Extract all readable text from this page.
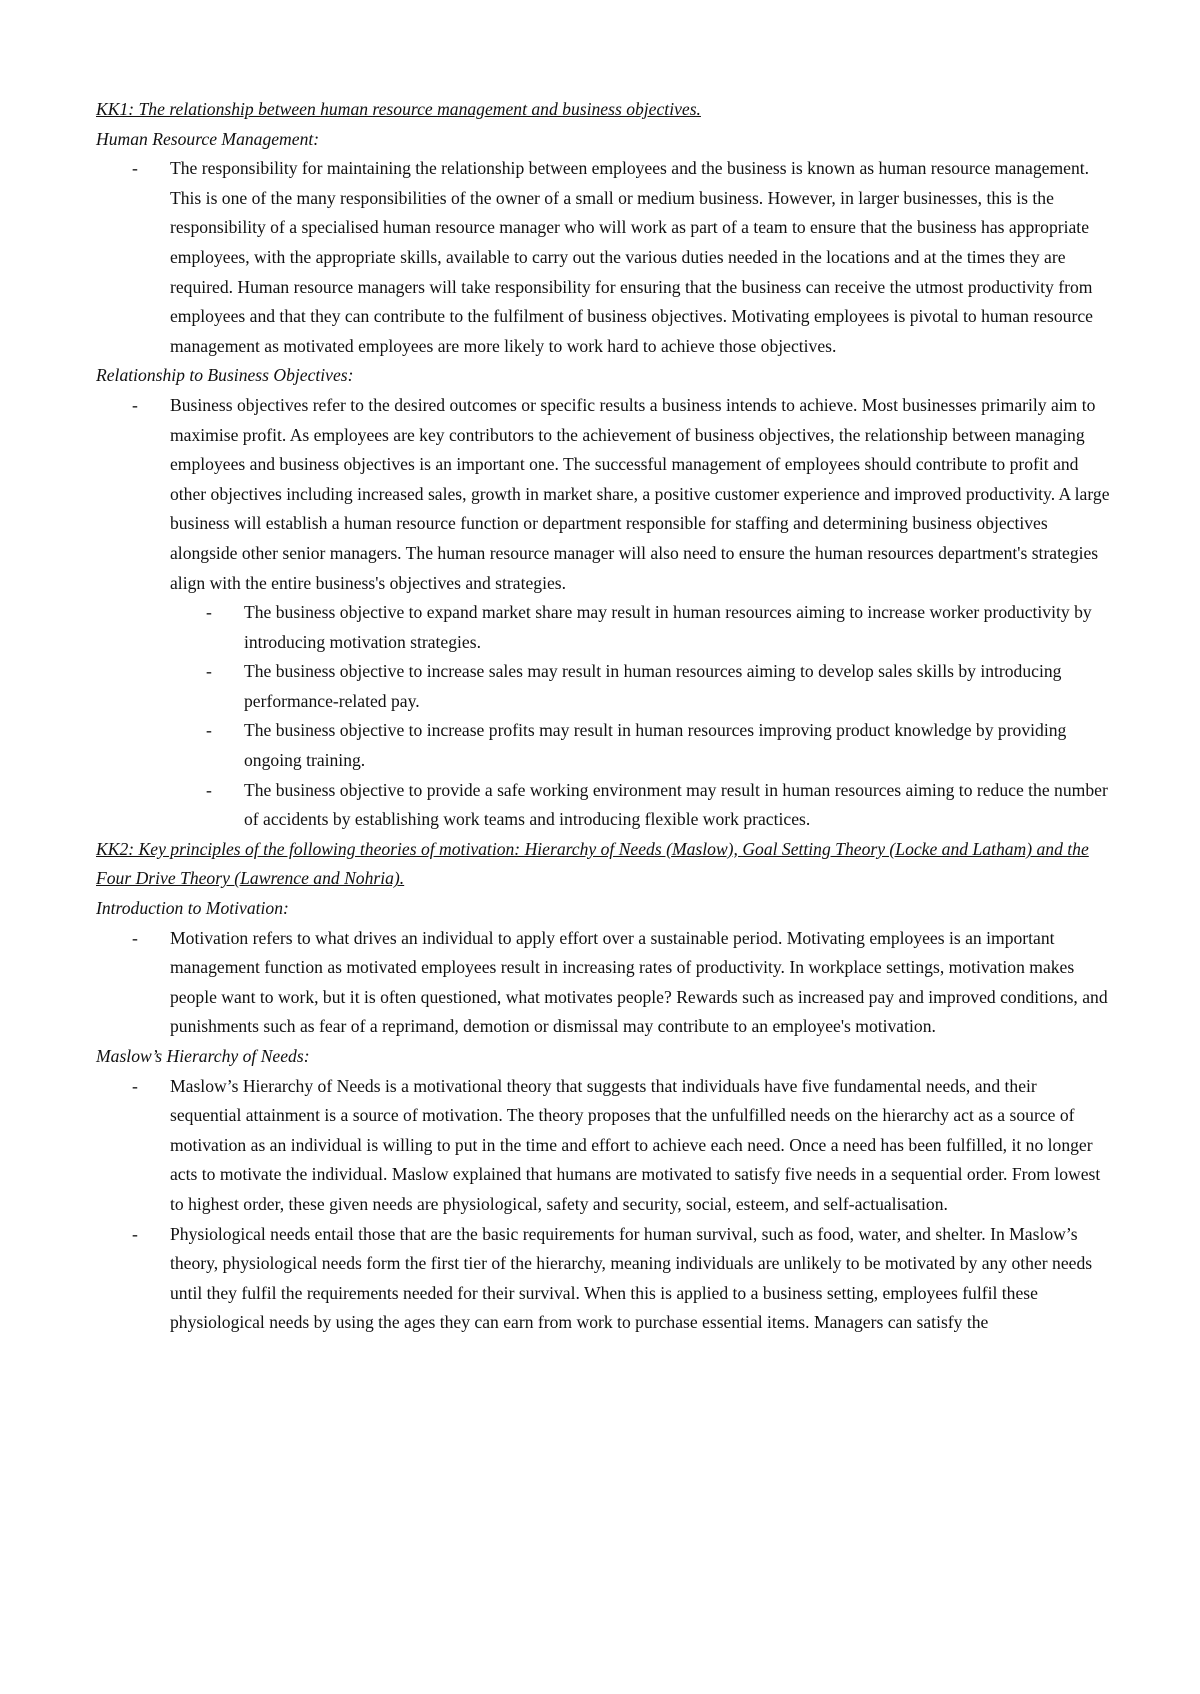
KK1: The relationship between human resource management and business objectives.

Human Resource Management:

- The responsibility for maintaining the relationship between employees and the business is known as human resource management. This is one of the many responsibilities of the owner of a small or medium business. However, in larger businesses, this is the responsibility of a specialised human resource manager who will work as part of a team to ensure that the business has appropriate employees, with the appropriate skills, available to carry out the various duties needed in the locations and at the times they are required. Human resource managers will take responsibility for ensuring that the business can receive the utmost productivity from employees and that they can contribute to the fulfilment of business objectives. Motivating employees is pivotal to human resource management as motivated employees are more likely to work hard to achieve those objectives.

Relationship to Business Objectives:

- Business objectives refer to the desired outcomes or specific results a business intends to achieve. Most businesses primarily aim to maximise profit. As employees are key contributors to the achievement of business objectives, the relationship between managing employees and business objectives is an important one. The successful management of employees should contribute to profit and other objectives including increased sales, growth in market share, a positive customer experience and improved productivity. A large business will establish a human resource function or department responsible for staffing and determining business objectives alongside other senior managers. The human resource manager will also need to ensure the human resources department's strategies align with the entire business's objectives and strategies.
- The business objective to expand market share may result in human resources aiming to increase worker productivity by introducing motivation strategies.
- The business objective to increase sales may result in human resources aiming to develop sales skills by introducing performance-related pay.
- The business objective to increase profits may result in human resources improving product knowledge by providing ongoing training.
- The business objective to provide a safe working environment may result in human resources aiming to reduce the number of accidents by establishing work teams and introducing flexible work practices.

KK2: Key principles of the following theories of motivation: Hierarchy of Needs (Maslow), Goal Setting Theory (Locke and Latham) and the Four Drive Theory (Lawrence and Nohria).

Introduction to Motivation:

- Motivation refers to what drives an individual to apply effort over a sustainable period. Motivating employees is an important management function as motivated employees result in increasing rates of productivity. In workplace settings, motivation makes people want to work, but it is often questioned, what motivates people? Rewards such as increased pay and improved conditions, and punishments such as fear of a reprimand, demotion or dismissal may contribute to an employee's motivation.

Maslow’s Hierarchy of Needs:

- Maslow’s Hierarchy of Needs is a motivational theory that suggests that individuals have five fundamental needs, and their sequential attainment is a source of motivation. The theory proposes that the unfulfilled needs on the hierarchy act as a source of motivation as an individual is willing to put in the time and effort to achieve each need. Once a need has been fulfilled, it no longer acts to motivate the individual. Maslow explained that humans are motivated to satisfy five needs in a sequential order. From lowest to highest order, these given needs are physiological, safety and security, social, esteem, and self-actualisation.
- Physiological needs entail those that are the basic requirements for human survival, such as food, water, and shelter. In Maslow’s theory, physiological needs form the first tier of the hierarchy, meaning individuals are unlikely to be motivated by any other needs until they fulfil the requirements needed for their survival. When this is applied to a business setting, employees fulfil these physiological needs by using the ages they can earn from work to purchase essential items. Managers can satisfy the
